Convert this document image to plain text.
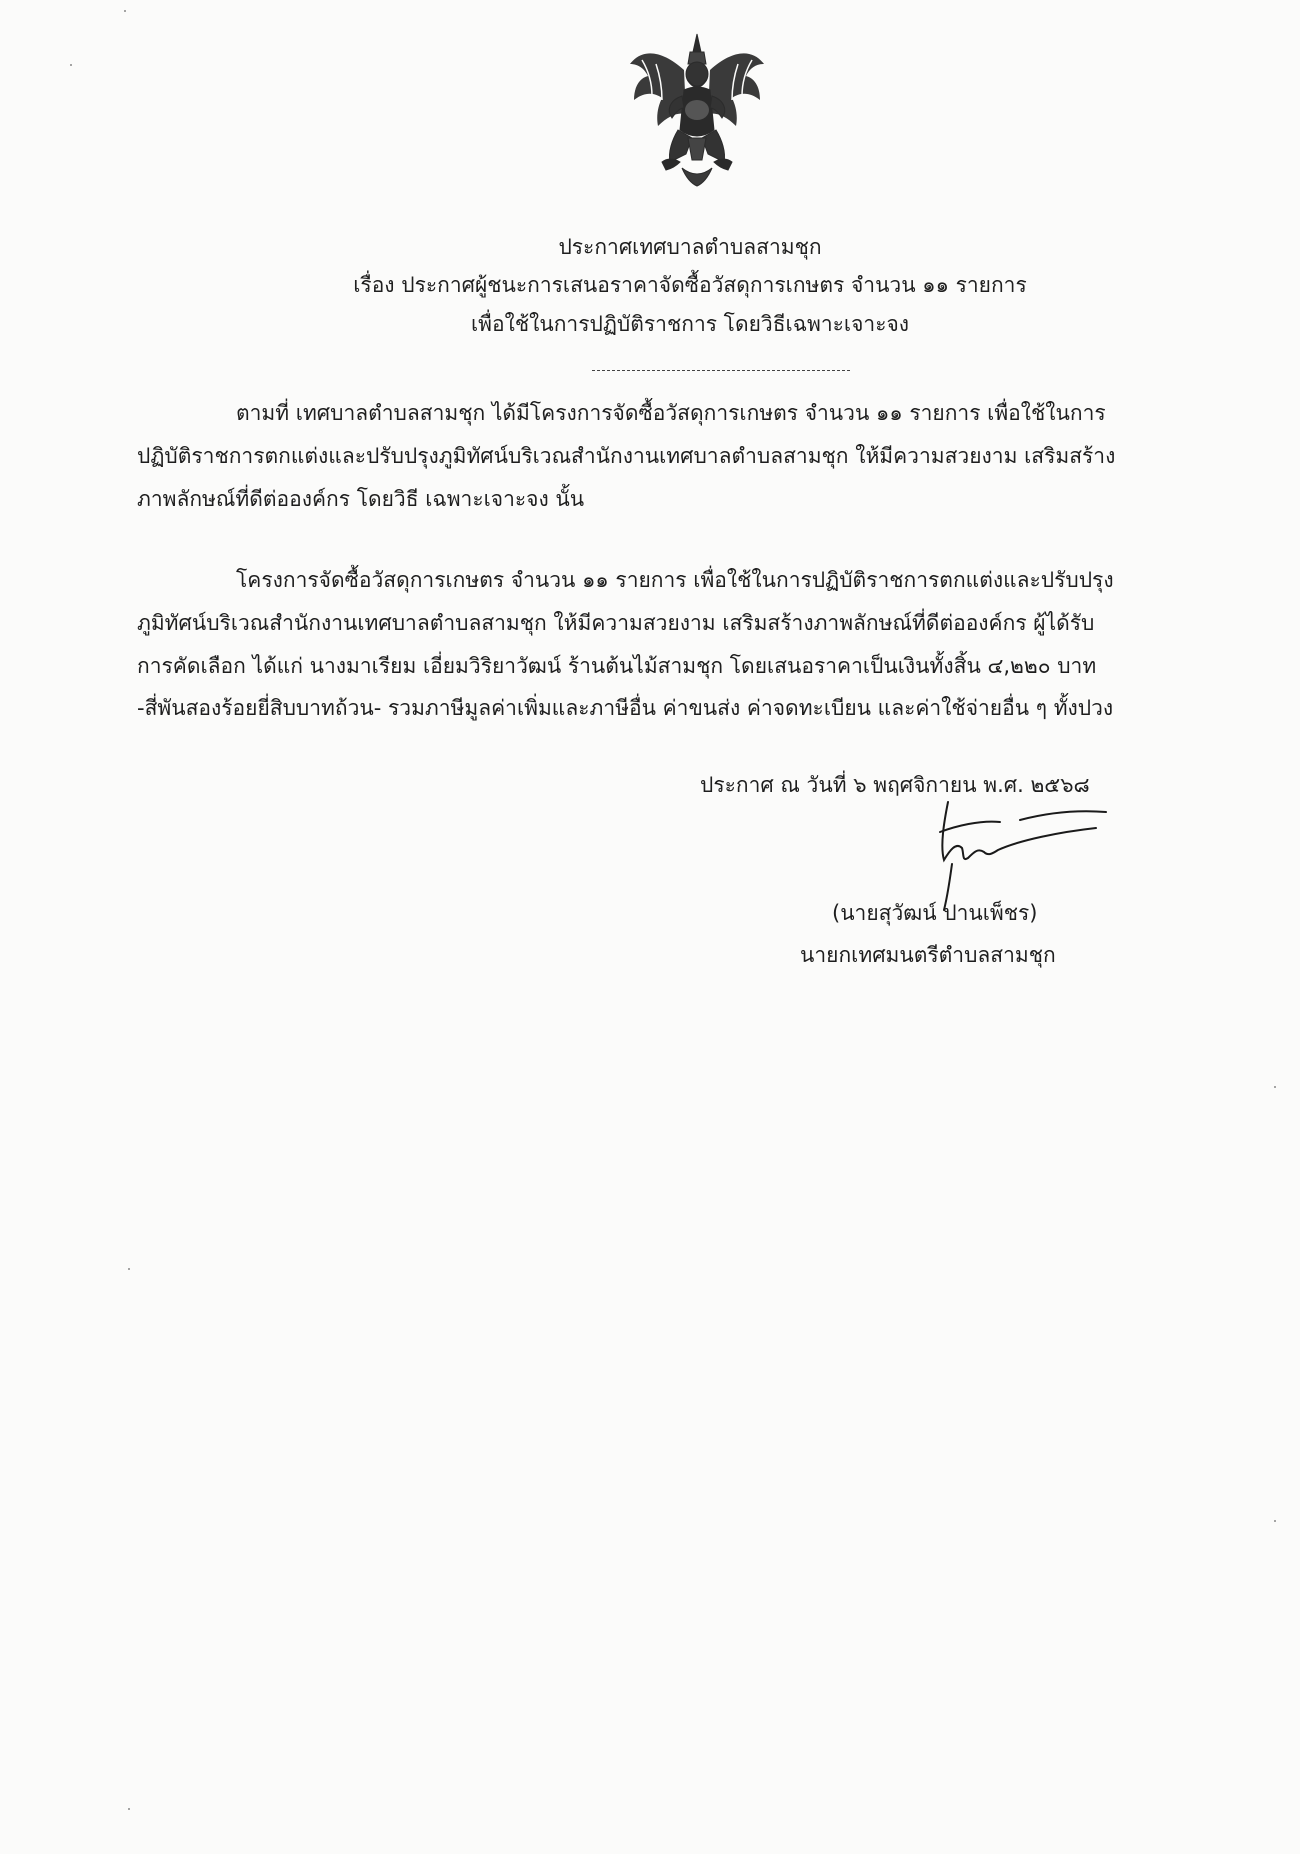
ประกาศเทศบาลตำบลสามชุก
เรื่อง ประกาศผู้ชนะการเสนอราคาจัดซื้อวัสดุการเกษตร จำนวน ๑๑ รายการ
เพื่อใช้ในการปฏิบัติราชการ โดยวิธีเฉพาะเจาะจง
ตามที่ เทศบาลตำบลสามชุก ได้มีโครงการจัดซื้อวัสดุการเกษตร จำนวน ๑๑ รายการ เพื่อใช้ในการ
ปฏิบัติราชการตกแต่งและปรับปรุงภูมิทัศน์บริเวณสำนักงานเทศบาลตำบลสามชุก ให้มีความสวยงาม เสริมสร้าง
ภาพลักษณ์ที่ดีต่อองค์กร โดยวิธี เฉพาะเจาะจง นั้น
โครงการจัดซื้อวัสดุการเกษตร จำนวน ๑๑ รายการ เพื่อใช้ในการปฏิบัติราชการตกแต่งและปรับปรุง
ภูมิทัศน์บริเวณสำนักงานเทศบาลตำบลสามชุก ให้มีความสวยงาม เสริมสร้างภาพลักษณ์ที่ดีต่อองค์กร ผู้ได้รับ
การคัดเลือก ได้แก่ นางมาเรียม เอี่ยมวิริยาวัฒน์ ร้านต้นไม้สามชุก โดยเสนอราคาเป็นเงินทั้งสิ้น ๔,๒๒๐ บาท
-สี่พันสองร้อยยี่สิบบาทถ้วน- รวมภาษีมูลค่าเพิ่มและภาษีอื่น ค่าขนส่ง ค่าจดทะเบียน และค่าใช้จ่ายอื่น ๆ ทั้งปวง
ประกาศ ณ วันที่ ๖ พฤศจิกายน พ.ศ. ๒๕๖๘
(นายสุวัฒน์ ปานเพ็ชร)
นายกเทศมนตรีตำบลสามชุก
